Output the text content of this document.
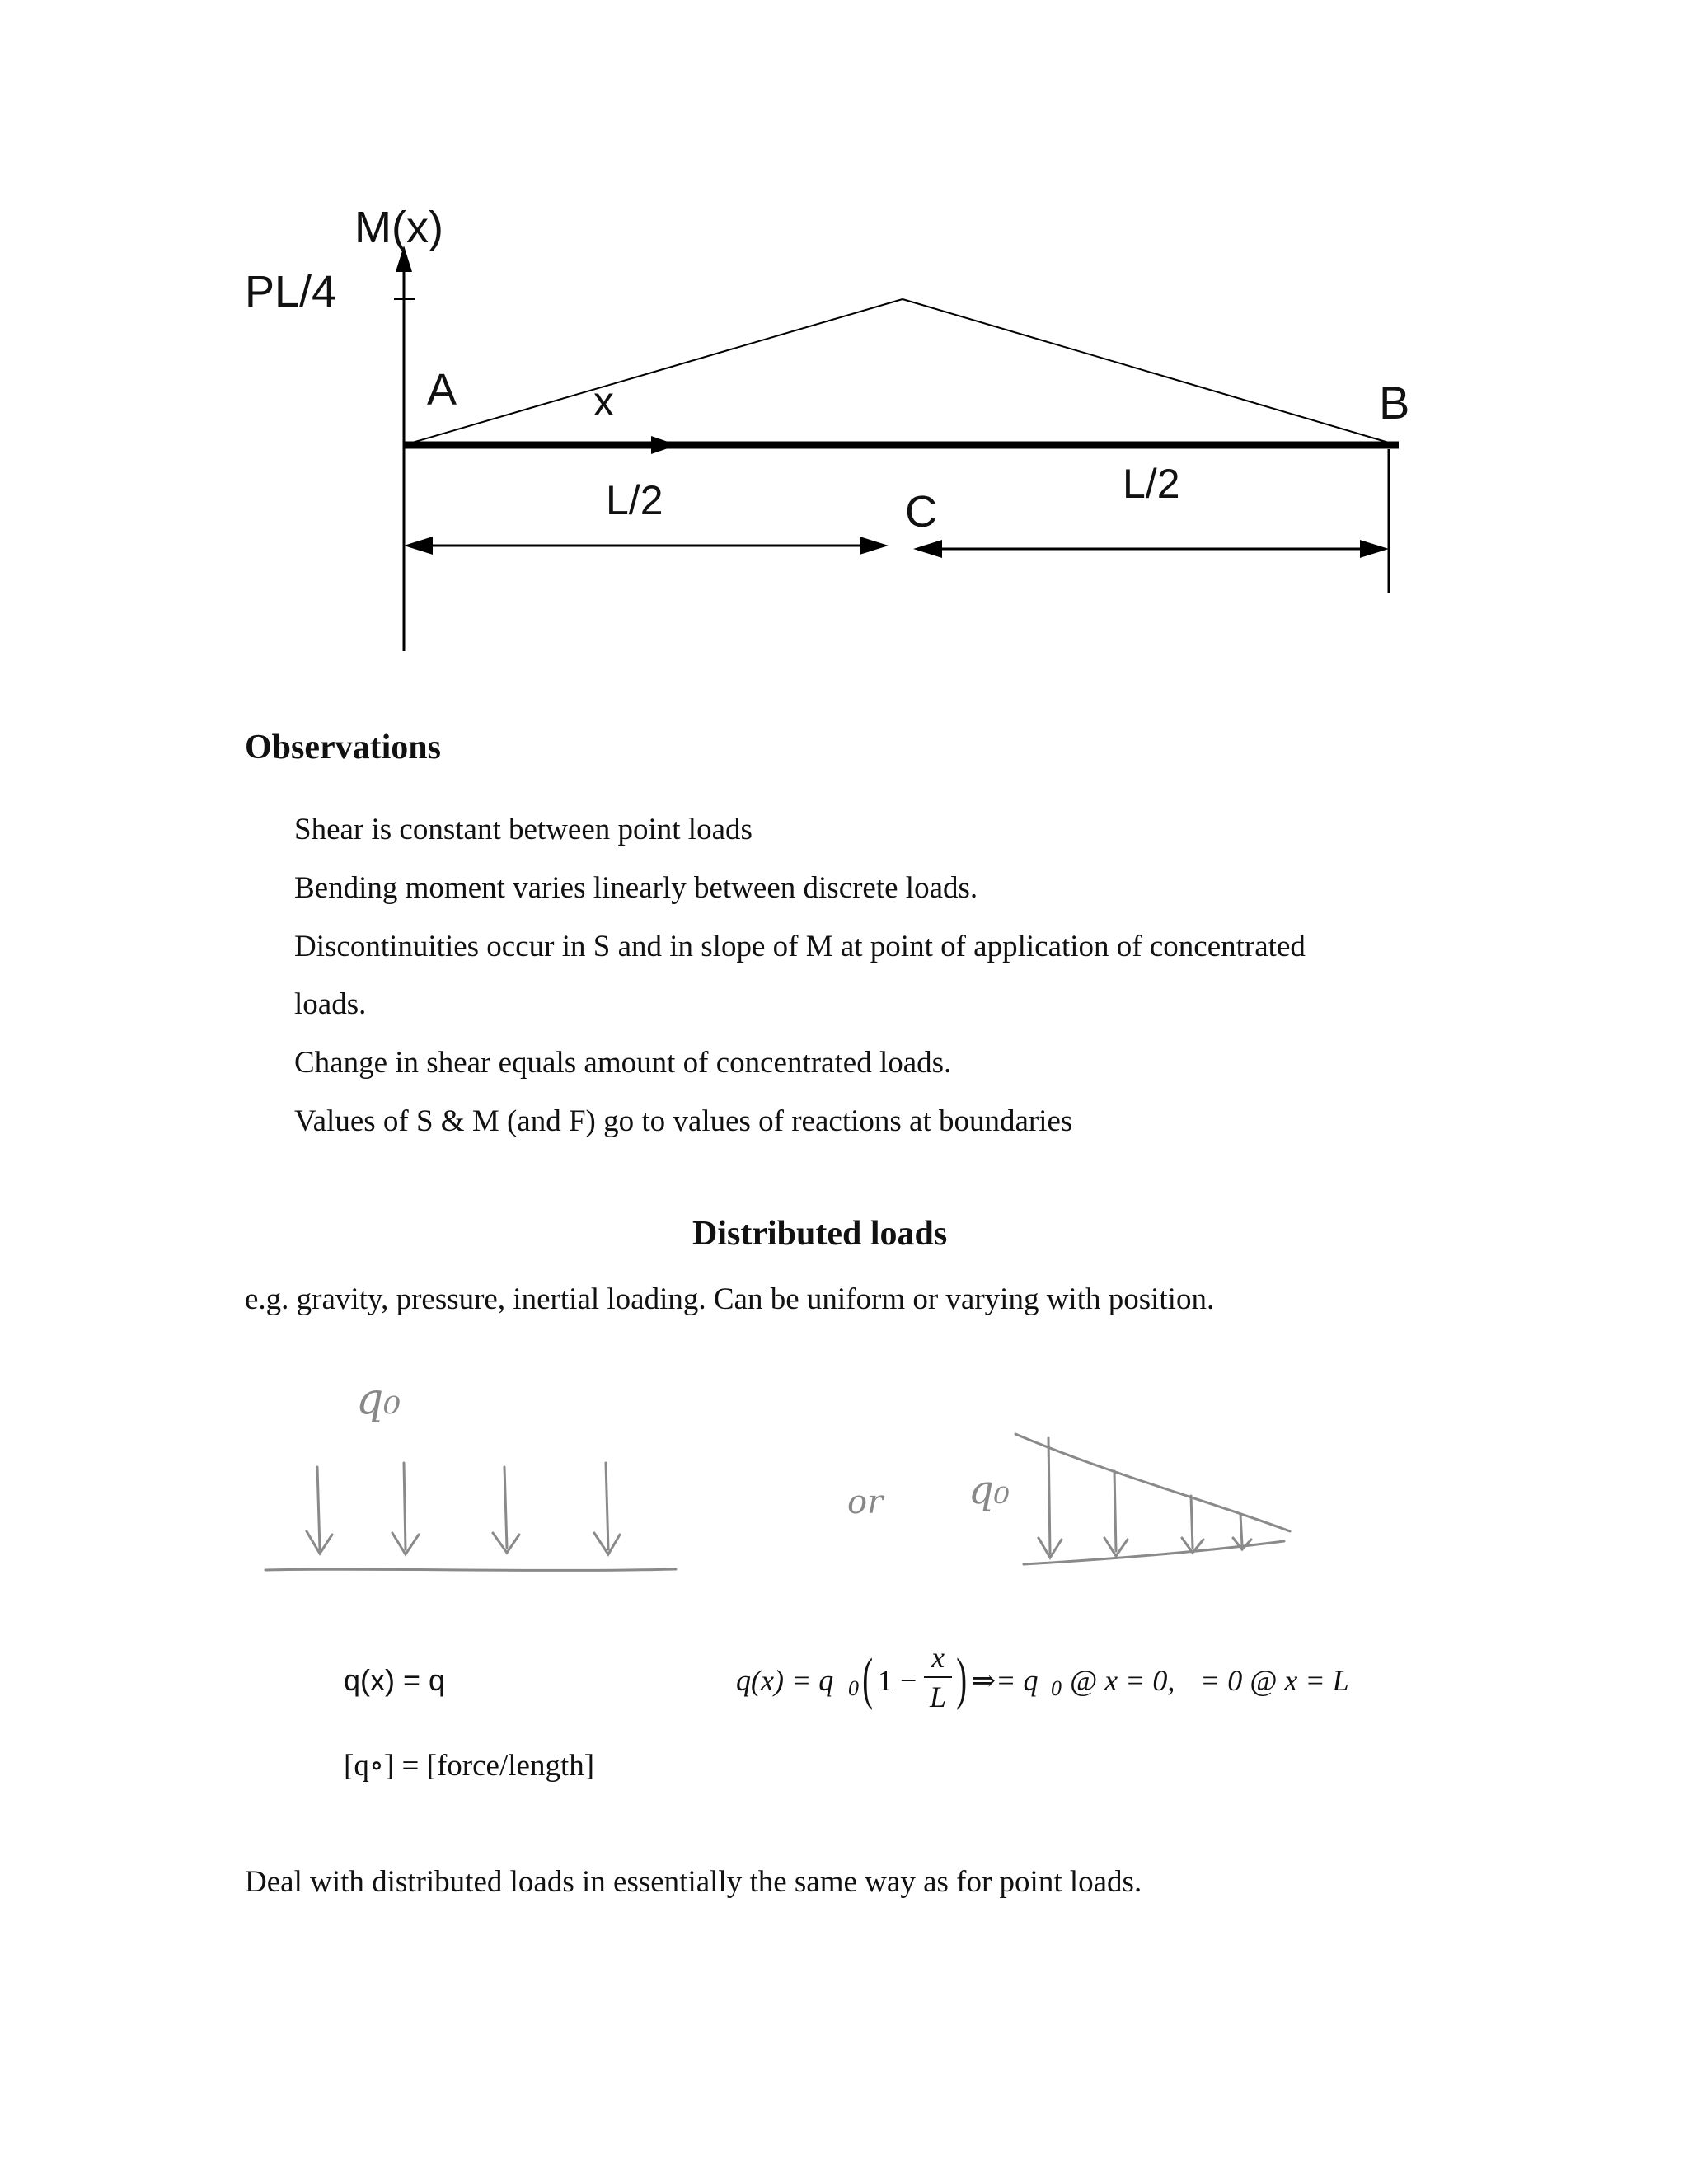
M(x)
PL/4
A	x	B
L/2	C
L/2
Observations
Shear is constant between point loads
Bending moment varies linearly between discrete loads.
Discontinuities occur in S and in slope of M at point of application of concentrated
loads.
Change in shear equals amount of concentrated loads.
Values of S & M (and F) go to values of reactions at boundaries
Distributed loads
e.g. gravity, pressure, inertial loading. Can be uniform or varying with position.
q₀
or q₀
q(x) = q
[q∘] = [force/length]
q(x) = q 0 ( 1 −
x
L ) ⇒= q 0 @ x = 0, = 0 @ x = L
Deal with distributed loads in essentially the same way as for point loads.
